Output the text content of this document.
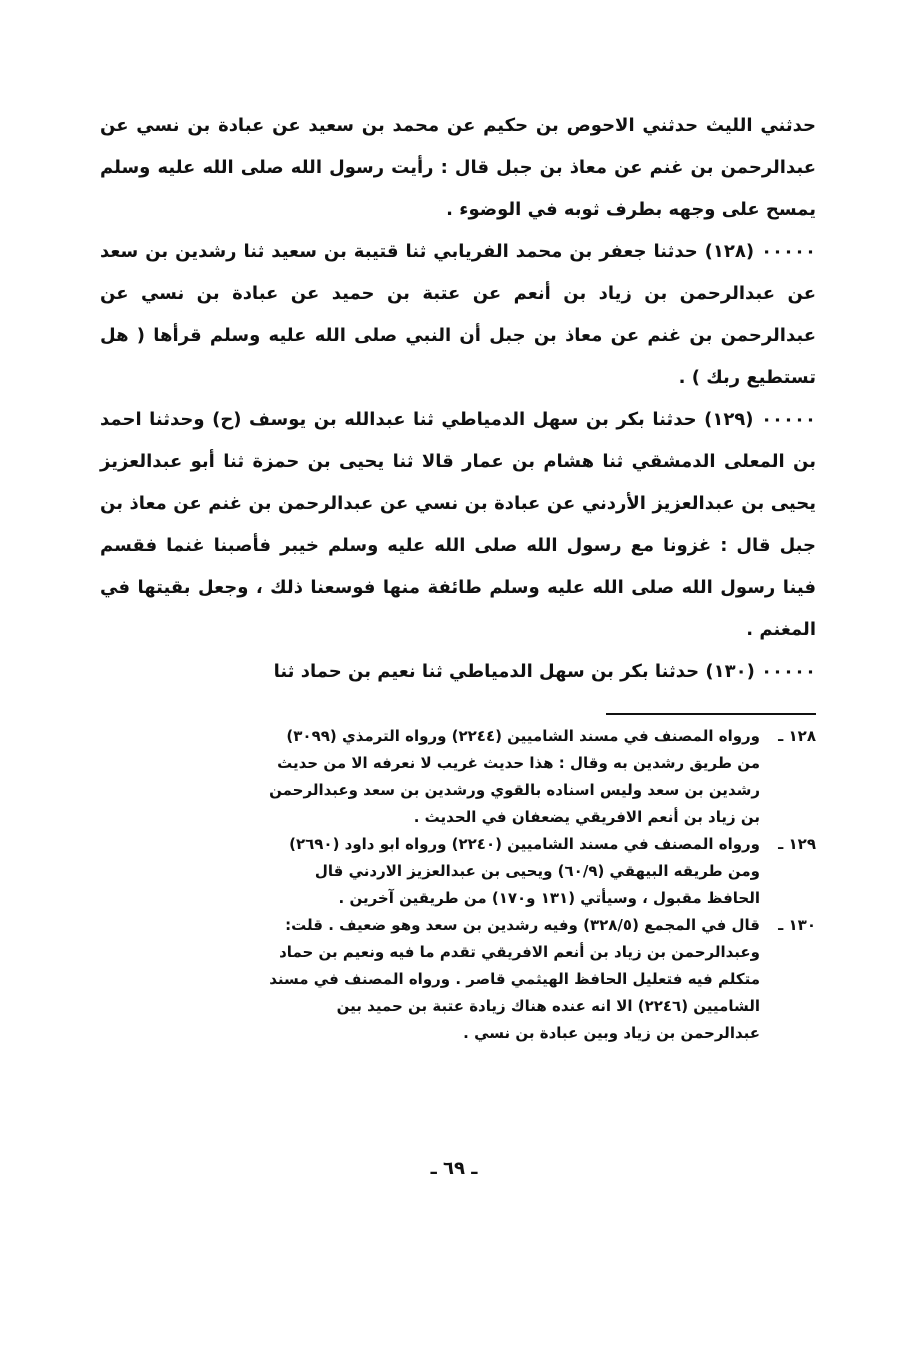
حدثني الليث حدثني الاحوص بن حكيم عن محمد بن سعيد عن عبادة بن نسي عن عبدالرحمن بن غنم عن معاذ بن جبل قال : رأيت رسول الله صلى الله عليه وسلم يمسح على وجهه بطرف ثوبه في الوضوء .

٠٠٠٠٠ (١٢٨) حدثنا جعفر بن محمد الفريابي ثنا قتيبة بن سعيد ثنا رشدين بن سعد عن عبدالرحمن بن زياد بن أنعم عن عتبة بن حميد عن عبادة بن نسي عن عبدالرحمن بن غنم عن معاذ بن جبل أن النبي صلى الله عليه وسلم قرأها ( هل تستطيع ربك ) .

٠٠٠٠٠ (١٢٩) حدثنا بكر بن سهل الدمياطي ثنا عبدالله بن يوسف (ح) وحدثنا احمد بن المعلى الدمشقي ثنا هشام بن عمار قالا ثنا يحيى بن حمزة ثنا أبو عبدالعزيز يحيى بن عبدالعزيز الأردني عن عبادة بن نسي عن عبدالرحمن بن غنم عن معاذ بن جبل قال : غزونا مع رسول الله صلى الله عليه وسلم خيبر فأصبنا غنما فقسم فينا رسول الله صلى الله عليه وسلم طائفة منها فوسعنا ذلك ، وجعل بقيتها في المغنم .

٠٠٠٠٠ (١٣٠) حدثنا بكر بن سهل الدمياطي ثنا نعيم بن حماد ثنا

١٢٨ ـ
ورواه المصنف في مسند الشاميين (٢٢٤٤) ورواه الترمذي (٣٠٩٩)
من طريق رشدين به وقال : هذا حديث غريب لا نعرفه الا من حديث
رشدين بن سعد وليس اسناده بالقوي ورشدين بن سعد وعبدالرحمن
بن زياد بن أنعم الافريقي يضعفان في الحديث .
١٢٩ ـ
ورواه المصنف في مسند الشاميين (٢٢٤٠) ورواه ابو داود (٢٦٩٠)
ومن طريقه البيهقي (٦٠/٩) ويحيى بن عبدالعزيز الاردني قال
الحافظ مقبول ، وسيأتي (١٣١ و١٧٠) من طريقين آخرين .
١٣٠ ـ
قال في المجمع (٣٢٨/٥) وفيه رشدين بن سعد وهو ضعيف . قلت:
وعبدالرحمن بن زياد بن أنعم الافريقي تقدم ما فيه ونعيم بن حماد
متكلم فيه فتعليل الحافظ الهيثمي قاصر . ورواه المصنف في مسند
الشاميين (٢٢٤٦) الا انه عنده هناك زيادة عتبة بن حميد بين
عبدالرحمن بن زياد وبين عبادة بن نسي .
ـ ٦٩ ـ
